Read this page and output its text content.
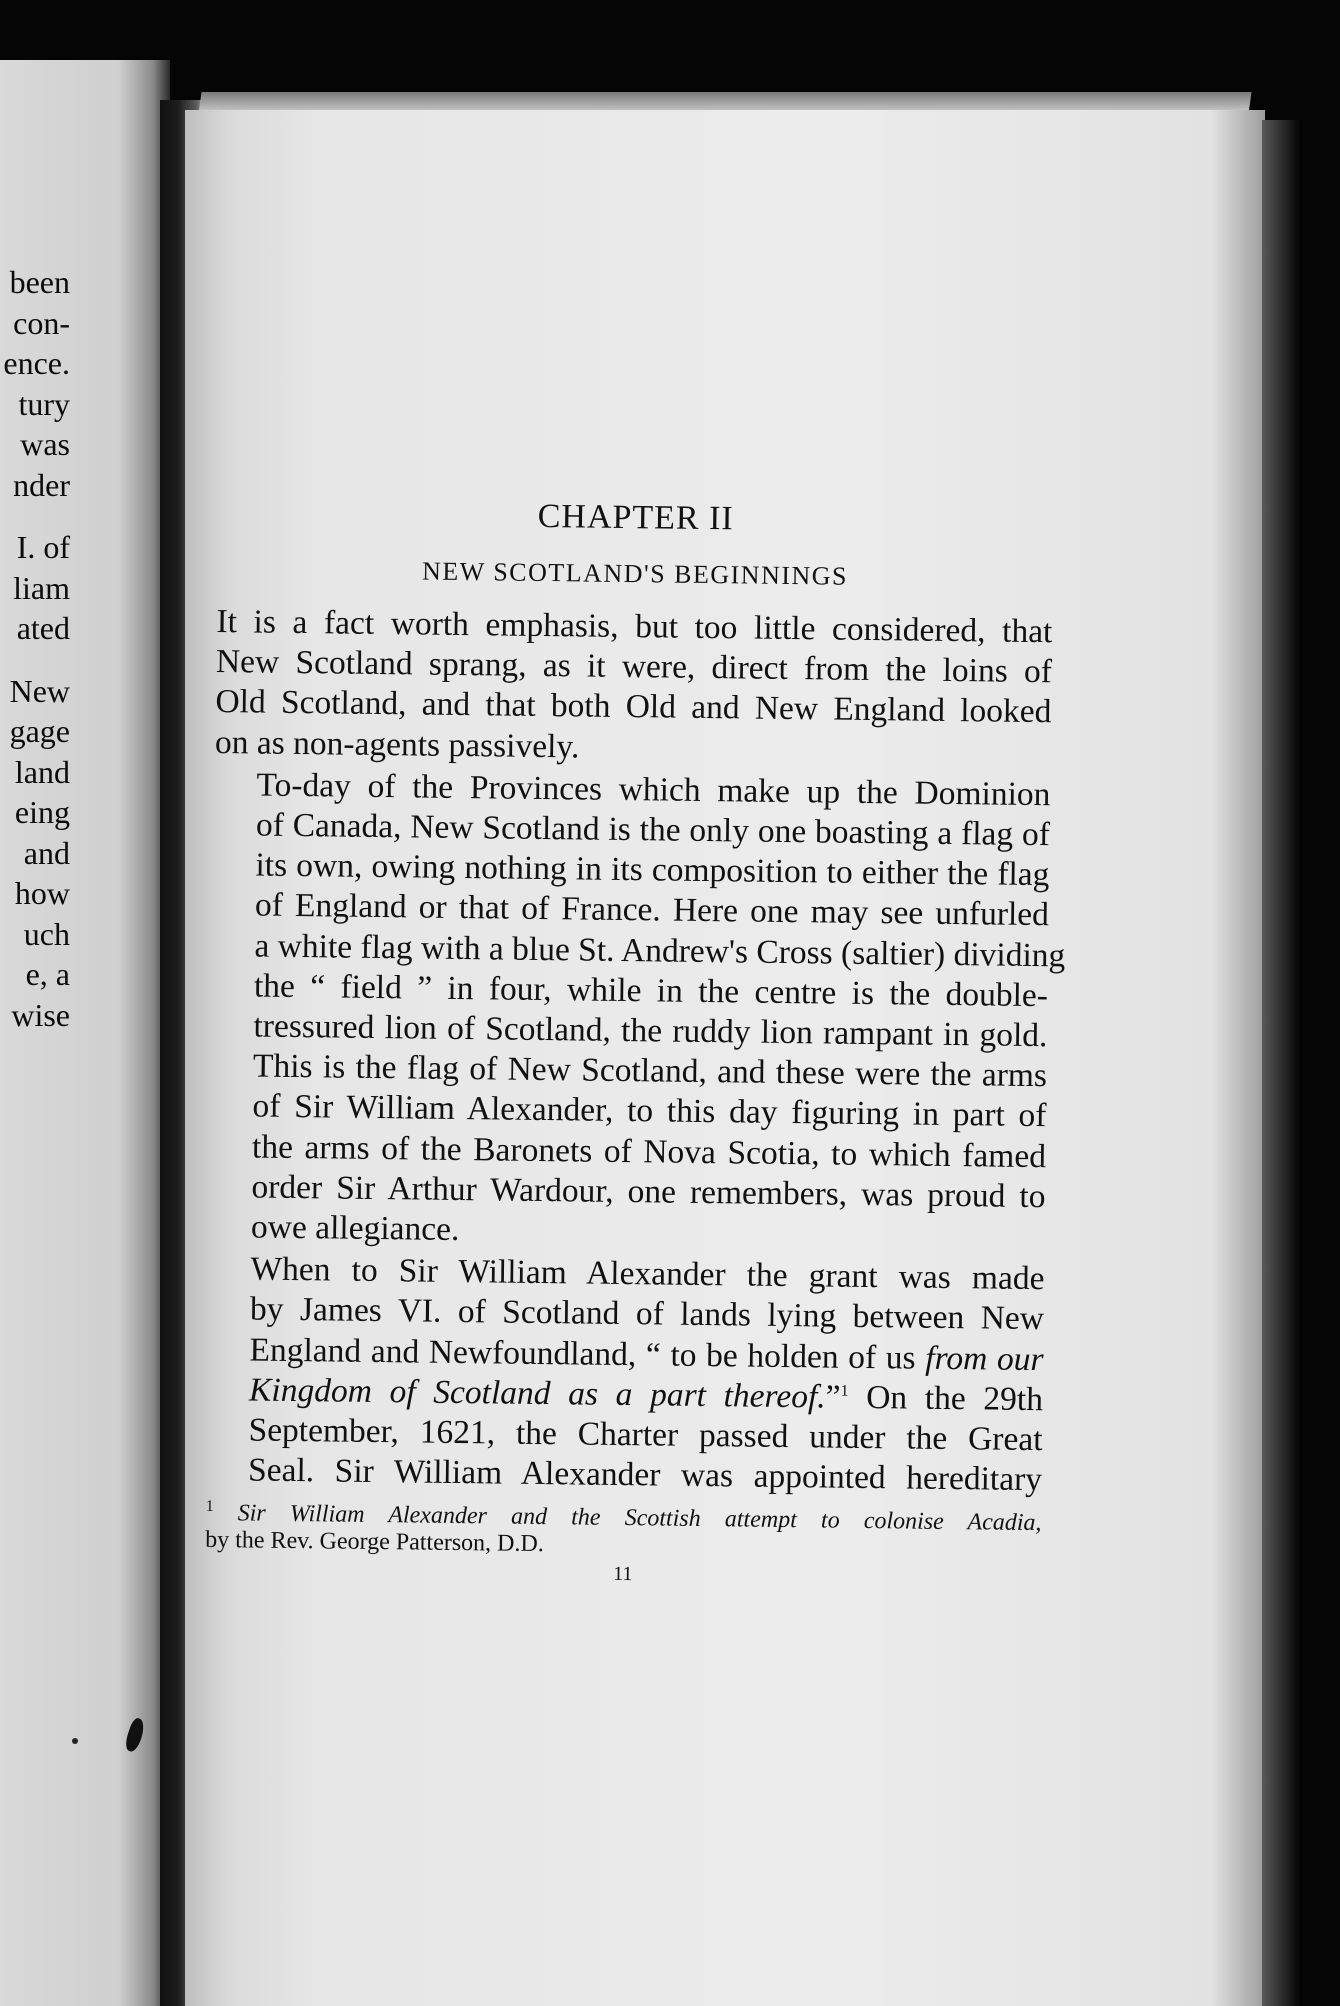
been
con-
ence.
tury
was
nder
I. of
liam
ated
New
gage
land
eing
and
how
uch
e, a
wise
CHAPTER II
NEW SCOTLAND'S BEGINNINGS

It is a fact worth emphasis, but too little considered, that
New Scotland sprang, as it were, direct from the loins of
Old Scotland, and that both Old and New England looked
on as non-agents passively.

To-day of the Provinces which make up the Dominion
of Canada, New Scotland is the only one boasting a flag of
its own, owing nothing in its composition to either the flag
of England or that of France. Here one may see unfurled
a white flag with a blue St. Andrew's Cross (saltier) dividing
the “ field ” in four, while in the centre is the double-
tressured lion of Scotland, the ruddy lion rampant in gold.
This is the flag of New Scotland, and these were the arms
of Sir William Alexander, to this day figuring in part of
the arms of the Baronets of Nova Scotia, to which famed
order Sir Arthur Wardour, one remembers, was proud to
owe allegiance.

When to Sir William Alexander the grant was made
by James VI. of Scotland of lands lying between New
England and Newfoundland, “ to be holden of us from our
Kingdom of Scotland as a part thereof.”$^1$ On the 29th
September, 1621, the Charter passed under the Great
Seal. Sir William Alexander was appointed hereditary

$^1$ Sir William Alexander and the Scottish attempt to colonise Acadia,
by the Rev. George Patterson, D.D.
11
